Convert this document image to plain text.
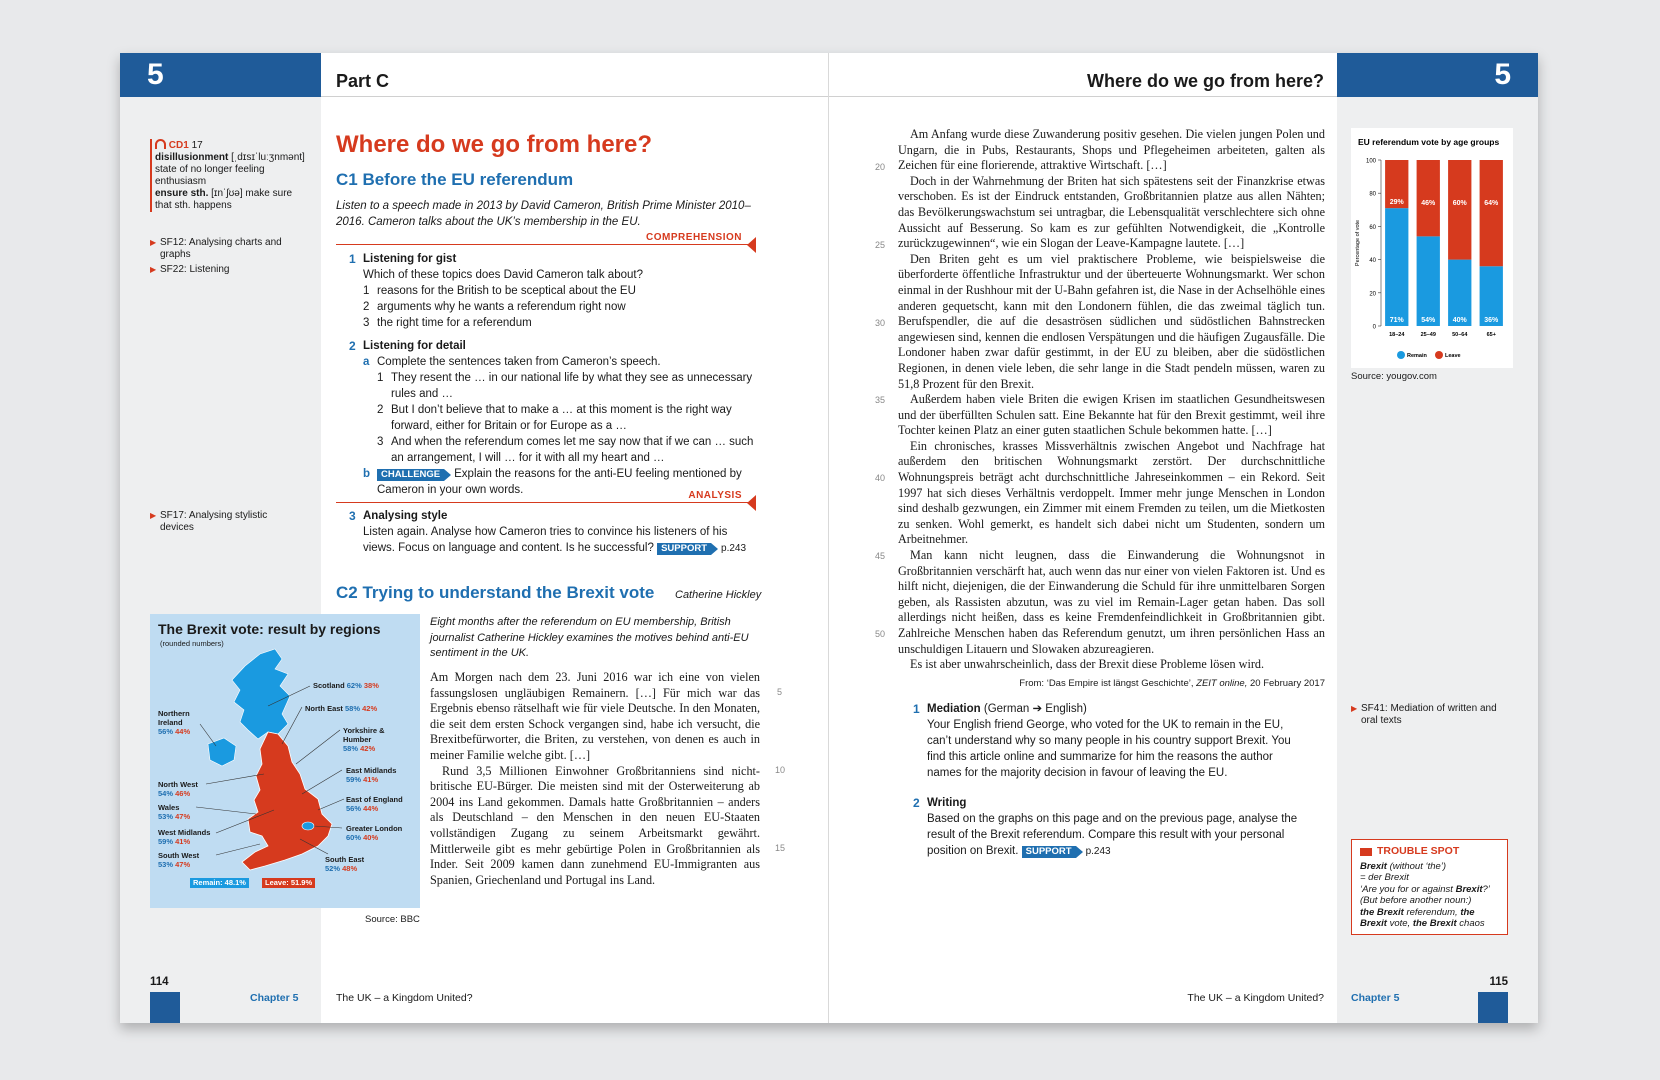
5	Part C
CD1 17
disillusionment [ˌdɪsɪˈluːʒnmənt]
state of no longer feeling enthusiasm
ensure sth. [ɪnˈʃʊə] make sure that sth. happens
▶ SF12: Analysing charts and graphs
▶ SF22: Listening
▶ SF17: Analysing stylistic devices
Where do we go from here?
C1 Before the EU referendum
Listen to a speech made in 2013 by David Cameron, British Prime Minister 2010–2016. Cameron talks about the UK’s membership in the EU.
COMPREHENSION
1 Listening for gist
Which of these topics does David Cameron talk about?
1 reasons for the British to be sceptical about the EU
2 arguments why he wants a referendum right now
3 the right time for a referendum
2 Listening for detail
a Complete the sentences taken from Cameron’s speech.
1 They resent the … in our national life by what they see as unnecessary rules and …
2 But I don’t believe that to make a … at this moment is the right way forward, either for Britain or for Europe as a …
3 And when the referendum comes let me say now that if we can … such an arrangement, I will … for it with all my heart and …
b CHALLENGE Explain the reasons for the anti-EU feeling mentioned by Cameron in your own words.	ANALYSIS
3 Analysing style
Listen again. Analyse how Cameron tries to convince his listeners of his views. Focus on language and content. Is he successful? SUPPORT p.243
C2 Trying to understand the Brexit vote Catherine Hickley
The Brexit vote: result by regions
(rounded numbers)
Scotland 62% 38%
North East 58% 42%
Northern Ireland
56% 44%	Yorkshire & Humber
58% 42%
East Midlands
59% 41%
North West
54% 46%
East of England
56% 44%
Wales
53% 47%
West Midlands
59% 41%
Greater London
60% 40%
South West
53% 47%
South East
52% 48%
Remain: 48.1%	Leave: 51.9%
Source: BBC
Eight months after the referendum on EU membership, British journalist Catherine Hickley examines the motives behind anti-EU sentiment in the UK.

Am Morgen nach dem 23. Juni 2016 war ich eine von vielen fassungslosen ungläubigen Remainern. […] Für mich war das Ergebnis ebenso rätselhaft wie für viele Deutsche. In den Monaten, die seit dem ersten Schock vergangen sind, habe ich versucht, die Brexitbefürworter, die Briten, zu verstehen, von denen es auch in meiner Familie welche gibt. […]

Rund 3,5 Millionen Einwohner Großbritanniens sind nicht-britische EU-Bürger. Die meisten sind mit der Osterweiterung ab 2004 ins Land gekommen. Damals hatte Großbritannien – anders als Deutschland – den Menschen in den neuen EU-Staaten vollständigen Zugang zu seinem Arbeitsmarkt gewährt. Mittlerweile gibt es mehr gebürtige Polen in Großbritannien als Inder. Seit 2009 kamen dann zunehmend EU-Immigranten aus Spanien, Griechenland und Portugal ins Land.

5
10
15
114
Chapter 5	The UK – a Kingdom United?
5
Where do we go from here?

Am Anfang wurde diese Zuwanderung positiv gesehen. Die vielen jungen Polen und Ungarn, die in Pubs, Restaurants, Shops und Pflegeheimen arbeiteten, galten als Zeichen für eine florierende, attraktive Wirtschaft. […]

Doch in der Wahrnehmung der Briten hat sich spätestens seit der Finanzkrise etwas verschoben. Es ist der Eindruck entstanden, Großbritannien platze aus allen Nähten; das Bevölkerungswachstum sei untragbar, die Lebensqualität verschlechtere sich ohne Aussicht auf Besserung. So kam es zur gefühlten Notwendigkeit, die „Kontrolle zurückzugewinnen“, wie ein Slogan der Leave-Kampagne lautete. […]

Den Briten geht es um viel praktischere Probleme, wie beispielsweise die überforderte öffentliche Infrastruktur und der überteuerte Wohnungsmarkt. Wer schon einmal in der Rushhour mit der U-Bahn gefahren ist, die Nase in der Achselhöhle eines anderen gequetscht, kann mit den Londonern fühlen, die das zweimal täglich tun. Berufspendler, die auf die desaströsen südlichen und südöstlichen Bahnstrecken angewiesen sind, kennen die endlosen Verspätungen und die häufigen Zugausfälle. Die Londoner haben zwar dafür gestimmt, in der EU zu bleiben, aber die südöstlichen Regionen, in denen viele leben, die sehr lange in die Stadt pendeln müssen, waren zu 51,8 Prozent für den Brexit.

Außerdem haben viele Briten die ewigen Krisen im staatlichen Gesundheitswesen und der überfüllten Schulen satt. Eine Bekannte hat für den Brexit gestimmt, weil ihre Tochter keinen Platz an einer guten staatlichen Schule bekommen hatte. […]

Ein chronisches, krasses Missverhältnis zwischen Angebot und Nachfrage hat außerdem den britischen Wohnungsmarkt zerstört. Der durchschnittliche Wohnungspreis beträgt acht durchschnittliche Jahreseinkommen – ein Rekord. Seit 1997 hat sich dieses Verhältnis verdoppelt. Immer mehr junge Menschen in London sind deshalb gezwungen, ein Zimmer mit einem Fremden zu teilen, um die Mietkosten zu senken. Wohl gemerkt, es handelt sich dabei nicht um Studenten, sondern um Arbeitnehmer.

Man kann nicht leugnen, dass die Einwanderung die Wohnungsnot in Großbritannien verschärft hat, auch wenn das nur einer von vielen Faktoren ist. Und es hilft nicht, diejenigen, die der Einwanderung die Schuld für ihre unmittelbaren Sorgen geben, als Rassisten abzutun, was zu viel im Remain-Lager getan haben. Das soll allerdings nicht heißen, dass es keine Fremdenfeindlichkeit in Großbritannien gibt. Zahlreiche Menschen haben das Referendum genutzt, um ihren persönlichen Hass an unschuldigen Litauern und Slowaken abzureagieren.

Es ist aber unwahrscheinlich, dass der Brexit diese Probleme lösen wird.

From: ‘Das Empire ist längst Geschichte’, ZEIT online, 20 February 2017
20
25
30
35
40
45
50
1 Mediation (German ➔ English)
Your English friend George, who voted for the UK to remain in the EU, can’t understand why so many people in his country support Brexit. You find this article online and summarize for him the reasons the author names for the majority decision in favour of leaving the EU.
2 Writing
Based on the graphs on this page and on the previous page, analyse the result of the Brexit referendum. Compare this result with your personal position on Brexit. SUPPORT p.243
▶ SF41: Mediation of written and oral texts
EU referendum vote by age groups
0
20
40
60
80
100
Percentage of vote
71%
29%
18–24
54%
46%
25–49
40%
60%
50–64
36%
64%
65+
Remain	Leave
Source: yougov.com
TROUBLE SPOT
Brexit (without ‘the’)
= der Brexit
‘Are you for or against Brexit?’
(But before another noun:)
the Brexit referendum, the
Brexit vote, the Brexit chaos
Chapter 5
The UK – a Kingdom United?
115
